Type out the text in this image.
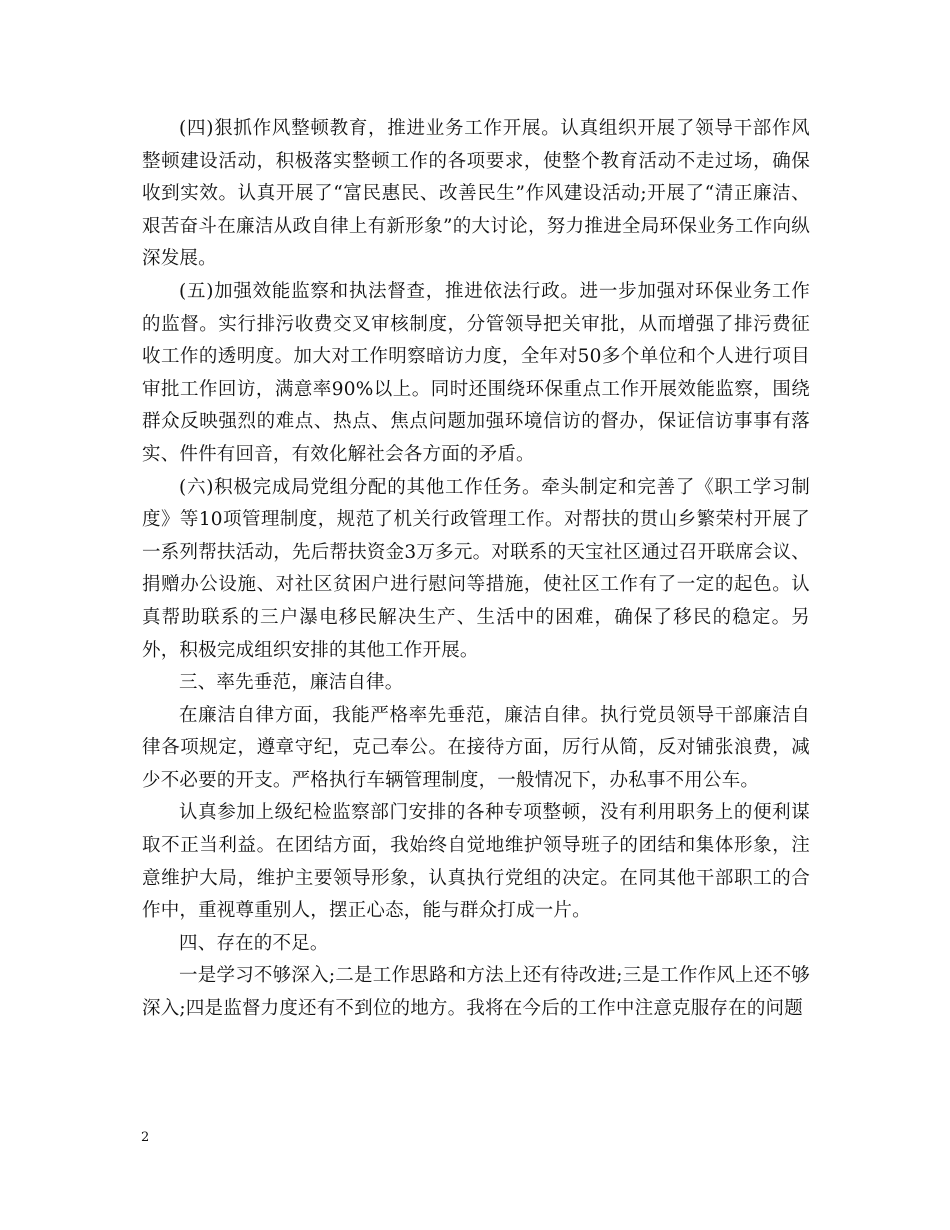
(四)狠抓作风整顿教育，推进业务工作开展。认真组织开展了领导干部作风整顿建设活动，积极落实整顿工作的各项要求，使整个教育活动不走过场，确保收到实效。认真开展了“富民惠民、改善民生”作风建设活动;开展了“清正廉洁、艰苦奋斗在廉洁从政自律上有新形象”的大讨论，努力推进全局环保业务工作向纵深发展。

(五)加强效能监察和执法督查，推进依法行政。进一步加强对环保业务工作的监督。实行排污收费交叉审核制度，分管领导把关审批，从而增强了排污费征收工作的透明度。加大对工作明察暗访力度，全年对50多个单位和个人进行项目审批工作回访，满意率90%以上。同时还围绕环保重点工作开展效能监察，围绕群众反映强烈的难点、热点、焦点问题加强环境信访的督办，保证信访事事有落实、件件有回音，有效化解社会各方面的矛盾。

(六)积极完成局党组分配的其他工作任务。牵头制定和完善了《职工学习制度》等10项管理制度，规范了机关行政管理工作。对帮扶的贯山乡繁荣村开展了一系列帮扶活动，先后帮扶资金3万多元。对联系的天宝社区通过召开联席会议、捐赠办公设施、对社区贫困户进行慰问等措施，使社区工作有了一定的起色。认真帮助联系的三户瀑电移民解决生产、生活中的困难，确保了移民的稳定。另外，积极完成组织安排的其他工作开展。

三、率先垂范，廉洁自律。

在廉洁自律方面，我能严格率先垂范，廉洁自律。执行党员领导干部廉洁自律各项规定，遵章守纪，克己奉公。在接待方面，厉行从简，反对铺张浪费，减少不必要的开支。严格执行车辆管理制度，一般情况下，办私事不用公车。

认真参加上级纪检监察部门安排的各种专项整顿，没有利用职务上的便利谋取不正当利益。在团结方面，我始终自觉地维护领导班子的团结和集体形象，注意维护大局，维护主要领导形象，认真执行党组的决定。在同其他干部职工的合作中，重视尊重别人，摆正心态，能与群众打成一片。

四、存在的不足。

一是学习不够深入;二是工作思路和方法上还有待改进;三是工作作风上还不够深入;四是监督力度还有不到位的地方。我将在今后的工作中注意克服存在的问题

2
